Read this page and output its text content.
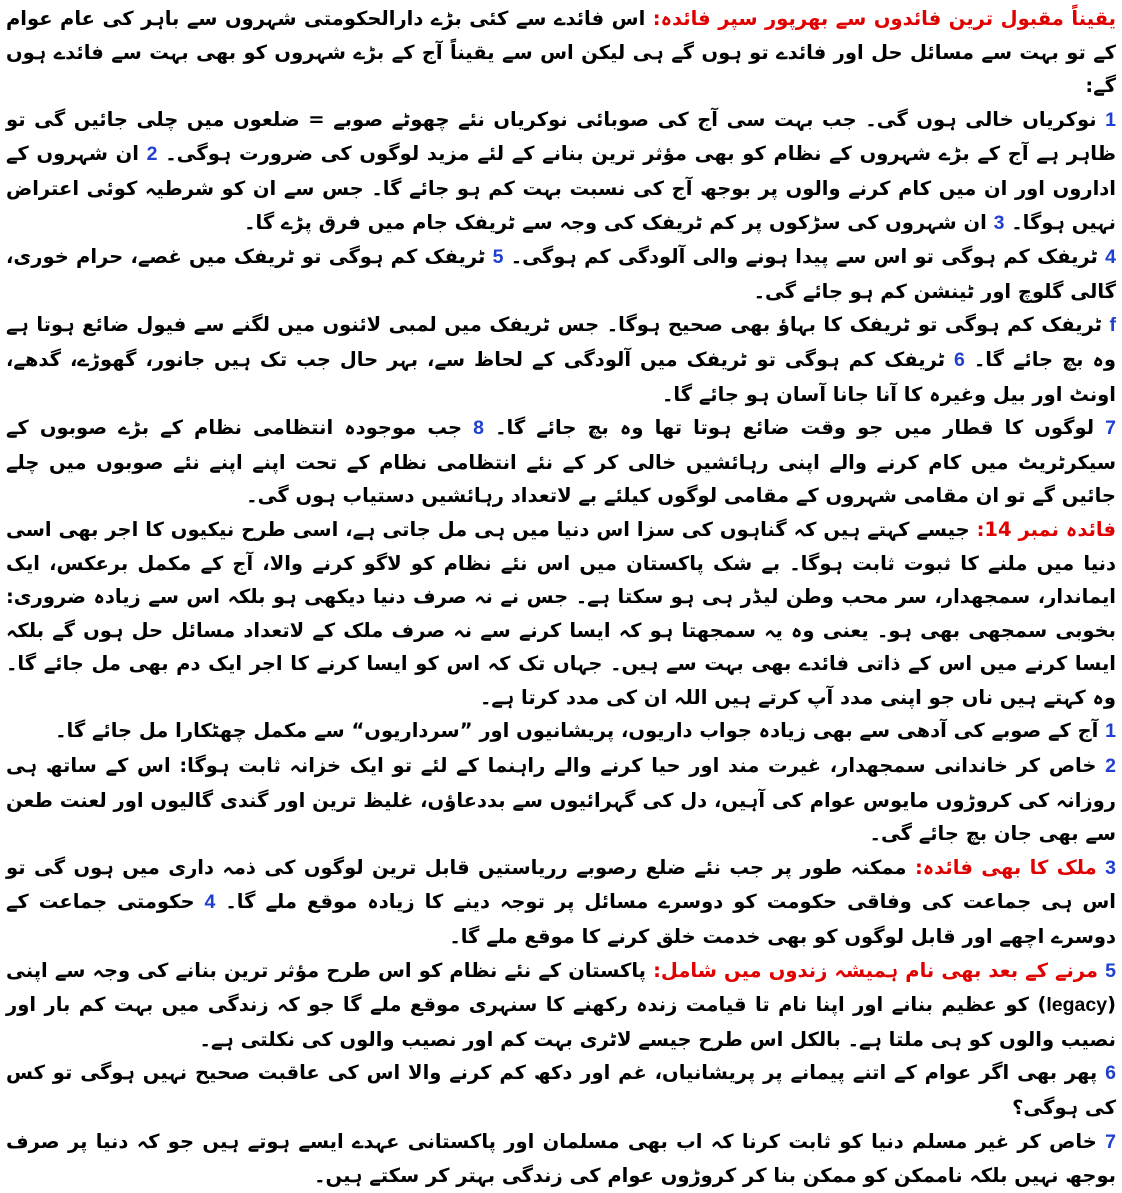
یقیناً مقبول ترین فائدوں سے بھرپور سپر فائدہ: اس فائدے سے کئی بڑے دارالحکومتی شہروں سے باہر کی عام عوام کے تو بہت سے مسائل حل اور فائدے تو ہوں گے ہی لیکن اس سے یقیناً آج کے بڑے شہروں کو بھی بہت سے فائدے ہوں گے:

1 نوکریاں خالی ہوں گی۔ جب بہت سی آج کی صوبائی نوکریاں نئے چھوٹے صوبے = ضلعوں میں چلی جائیں گی تو ظاہر ہے آج کے بڑے شہروں کے نظام کو بھی مؤثر ترین بنانے کے لئے مزید لوگوں کی ضرورت ہوگی۔ 2 ان شہروں کے اداروں اور ان میں کام کرنے والوں پر بوجھ آج کی نسبت بہت کم ہو جائے گا۔ جس سے ان کو شرطیہ کوئی اعتراض نہیں ہوگا۔ 3 ان شہروں کی سڑکوں پر کم ٹریفک کی وجہ سے ٹریفک جام میں فرق پڑے گا۔

4 ٹریفک کم ہوگی تو اس سے پیدا ہونے والی آلودگی کم ہوگی۔ 5 ٹریفک کم ہوگی تو ٹریفک میں غصے، حرام خوری، گالی گلوچ اور ٹینشن کم ہو جائے گی۔

f ٹریفک کم ہوگی تو ٹریفک کا بہاؤ بھی صحیح ہوگا۔ جس ٹریفک میں لمبی لائنوں میں لگنے سے فیول ضائع ہوتا ہے وہ بچ جائے گا۔ 6 ٹریفک کم ہوگی تو ٹریفک میں آلودگی کے لحاظ سے، بہر حال جب تک ہیں جانور، گھوڑے، گدھے، اونٹ اور بیل وغیرہ کا آنا جانا آسان ہو جائے گا۔

7 لوگوں کا قطار میں جو وقت ضائع ہوتا تھا وہ بچ جائے گا۔ 8 جب موجودہ انتظامی نظام کے بڑے صوبوں کے سیکرٹریٹ میں کام کرنے والے اپنی رہائشیں خالی کر کے نئے انتظامی نظام کے تحت اپنے اپنے نئے صوبوں میں چلے جائیں گے تو ان مقامی شہروں کے مقامی لوگوں کیلئے بے لاتعداد رہائشیں دستیاب ہوں گی۔

فائدہ نمبر 14: جیسے کہتے ہیں کہ گناہوں کی سزا اس دنیا میں ہی مل جاتی ہے، اسی طرح نیکیوں کا اجر بھی اسی دنیا میں ملنے کا ثبوت ثابت ہوگا۔ بے شک پاکستان میں اس نئے نظام کو لاگو کرنے والا، آج کے مکمل برعکس، ایک ایماندار، سمجھدار، سر محب وطن لیڈر ہی ہو سکتا ہے۔ جس نے نہ صرف دنیا دیکھی ہو بلکہ اس سے زیادہ ضروری: بخوبی سمجھی بھی ہو۔ یعنی وہ یہ سمجھتا ہو کہ ایسا کرنے سے نہ صرف ملک کے لاتعداد مسائل حل ہوں گے بلکہ ایسا کرنے میں اس کے ذاتی فائدے بھی بہت سے ہیں۔ جہاں تک کہ اس کو ایسا کرنے کا اجر ایک دم بھی مل جائے گا۔ وہ کہتے ہیں ناں جو اپنی مدد آپ کرتے ہیں اللہ ان کی مدد کرتا ہے۔

1 آج کے صوبے کی آدھی سے بھی زیادہ جواب داریوں، پریشانیوں اور ”سرداریوں“ سے مکمل چھٹکارا مل جائے گا۔

2 خاص کر خاندانی سمجھدار، غیرت مند اور حیا کرنے والے راہنما کے لئے تو ایک خزانہ ثابت ہوگا: اس کے ساتھ ہی روزانہ کی کروڑوں مایوس عوام کی آہیں، دل کی گہرائیوں سے بددعاؤں، غلیظ ترین اور گندی گالیوں اور لعنت طعن سے بھی جان بچ جائے گی۔

3 ملک کا بھی فائدہ: ممکنہ طور پر جب نئے ضلع رصوبے رریاستیں قابل ترین لوگوں کی ذمہ داری میں ہوں گی تو اس ہی جماعت کی وفاقی حکومت کو دوسرے مسائل پر توجہ دینے کا زیادہ موقع ملے گا۔ 4 حکومتی جماعت کے دوسرے اچھے اور قابل لوگوں کو بھی خدمت خلق کرنے کا موقع ملے گا۔

5 مرنے کے بعد بھی نام ہمیشہ زندوں میں شامل: پاکستان کے نئے نظام کو اس طرح مؤثر ترین بنانے کی وجہ سے اپنی (legacy) کو عظیم بنانے اور اپنا نام تا قیامت زندہ رکھنے کا سنہری موقع ملے گا جو کہ زندگی میں بہت کم بار اور نصیب والوں کو ہی ملتا ہے۔ بالکل اس طرح جیسے لاٹری بہت کم اور نصیب والوں کی نکلتی ہے۔

6 پھر بھی اگر عوام کے اتنے پیمانے پر پریشانیاں، غم اور دکھ کم کرنے والا اس کی عاقبت صحیح نہیں ہوگی تو کس کی ہوگی؟

7 خاص کر غیر مسلم دنیا کو ثابت کرنا کہ اب بھی مسلمان اور پاکستانی عہدے ایسے ہوتے ہیں جو کہ دنیا پر صرف بوجھ نہیں بلکہ ناممکن کو ممکن بنا کر کروڑوں عوام کی زندگی بہتر کر سکتے ہیں۔
